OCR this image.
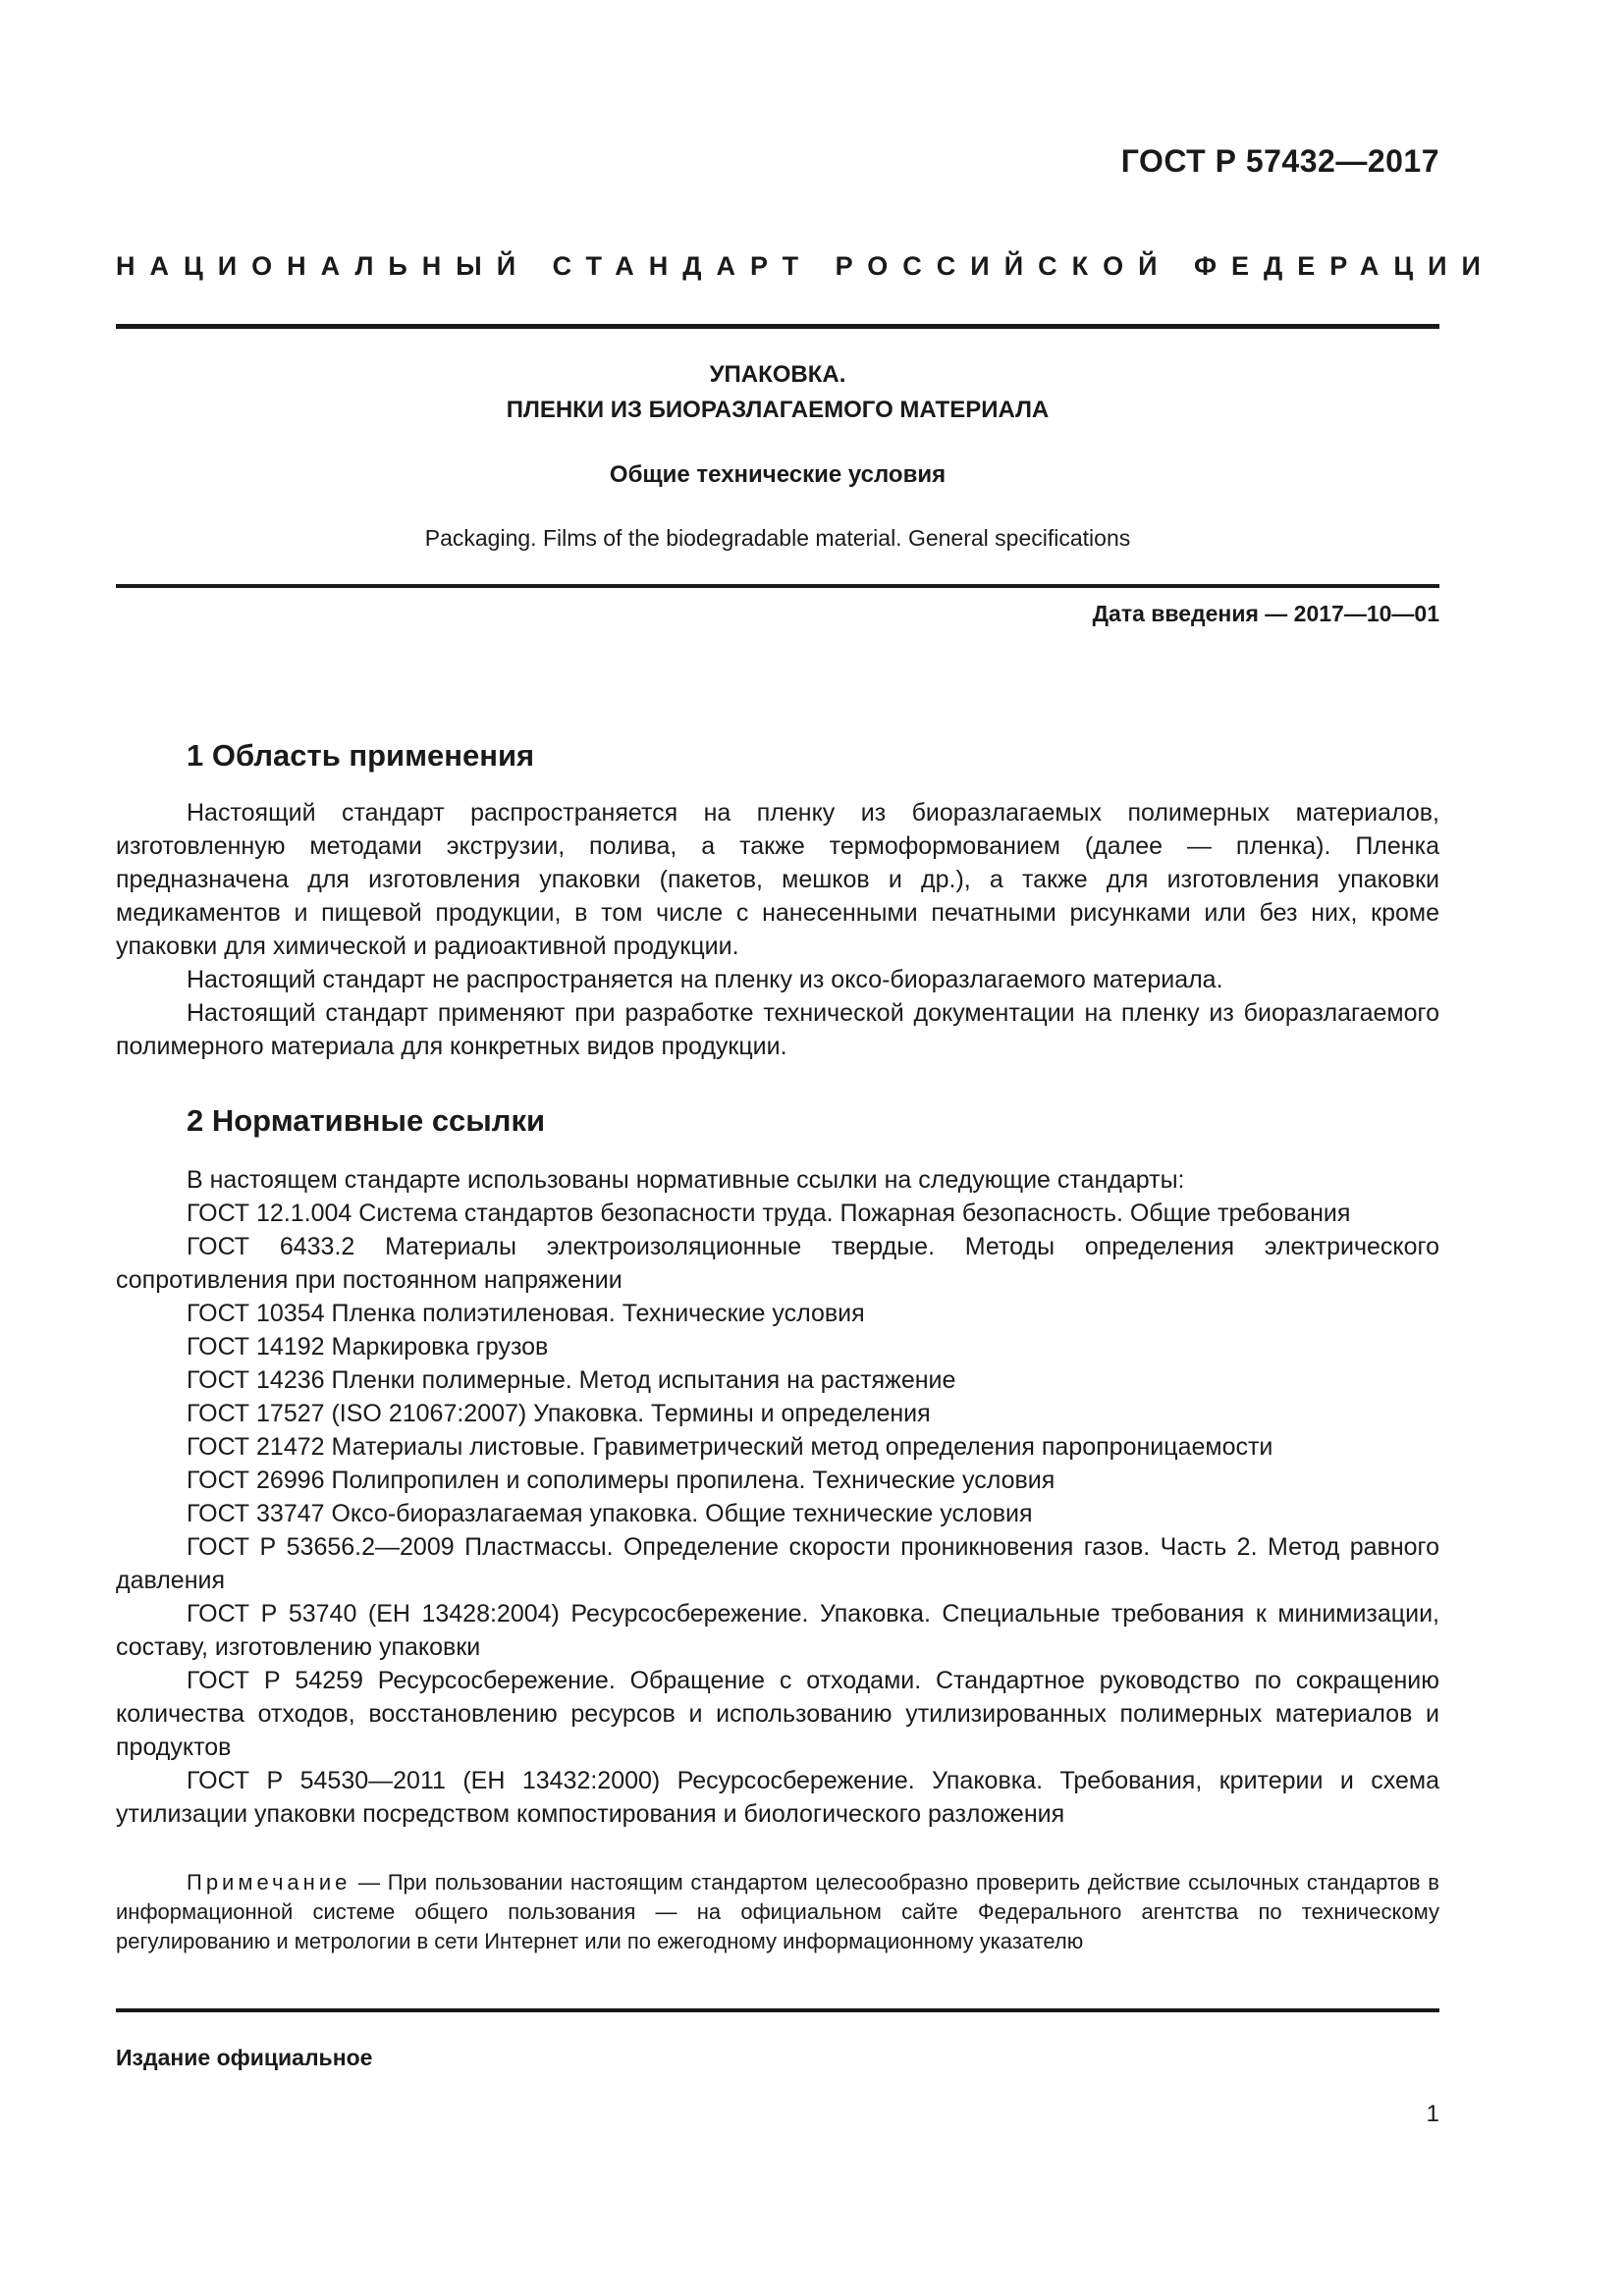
ГОСТ Р 57432—2017
НАЦИОНАЛЬНЫЙ СТАНДАРТ РОССИЙСКОЙ ФЕДЕРАЦИИ
УПАКОВКА.
ПЛЕНКИ ИЗ БИОРАЗЛАГАЕМОГО МАТЕРИАЛА
Общие технические условия
Packaging. Films of the biodegradable material. General specifications
Дата введения — 2017—10—01
1 Область применения

Настоящий стандарт распространяется на пленку из биоразлагаемых полимерных материалов, изготовленную методами экструзии, полива, а также термоформованием (далее — пленка). Пленка предназначена для изготовления упаковки (пакетов, мешков и др.), а также для изготовления упаковки медикаментов и пищевой продукции, в том числе с нанесенными печатными рисунками или без них, кроме упаковки для химической и радиоактивной продукции.

Настоящий стандарт не распространяется на пленку из оксо-биоразлагаемого материала.

Настоящий стандарт применяют при разработке технической документации на пленку из биоразлагаемого полимерного материала для конкретных видов продукции.

2 Нормативные ссылки

В настоящем стандарте использованы нормативные ссылки на следующие стандарты:

ГОСТ 12.1.004 Система стандартов безопасности труда. Пожарная безопасность. Общие требования

ГОСТ 6433.2 Материалы электроизоляционные твердые. Методы определения электрического сопротивления при постоянном напряжении

ГОСТ 10354 Пленка полиэтиленовая. Технические условия

ГОСТ 14192 Маркировка грузов

ГОСТ 14236 Пленки полимерные. Метод испытания на растяжение

ГОСТ 17527 (ISO 21067:2007) Упаковка. Термины и определения

ГОСТ 21472 Материалы листовые. Гравиметрический метод определения паропроницаемости

ГОСТ 26996 Полипропилен и сополимеры пропилена. Технические условия

ГОСТ 33747 Оксо-биоразлагаемая упаковка. Общие технические условия

ГОСТ Р 53656.2—2009 Пластмассы. Определение скорости проникновения газов. Часть 2. Метод равного давления

ГОСТ Р 53740 (ЕН 13428:2004) Ресурсосбережение. Упаковка. Специальные требования к минимизации, составу, изготовлению упаковки

ГОСТ Р 54259 Ресурсосбережение. Обращение с отходами. Стандартное руководство по сокращению количества отходов, восстановлению ресурсов и использованию утилизированных полимерных материалов и продуктов

ГОСТ Р 54530—2011 (ЕН 13432:2000) Ресурсосбережение. Упаковка. Требования, критерии и схема утилизации упаковки посредством компостирования и биологического разложения

Примечание — При пользовании настоящим стандартом целесообразно проверить действие ссылочных стандартов в информационной системе общего пользования — на официальном сайте Федерального агентства по техническому регулированию и метрологии в сети Интернет или по ежегодному информационному указателю

Издание официальное
1
